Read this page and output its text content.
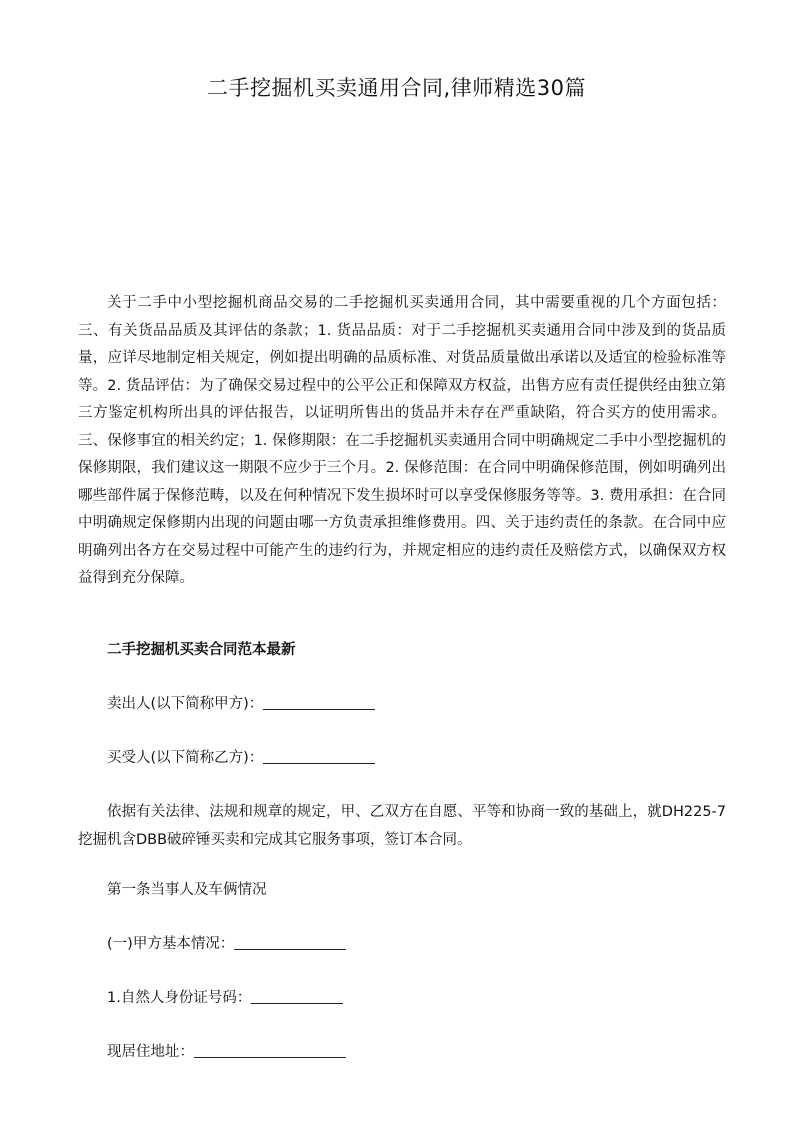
二手挖掘机买卖通用合同,律师精选30篇

关于二手中小型挖掘机商品交易的二手挖掘机买卖通用合同，其中需要重视的几个方面包括：三、有关货品品质及其评估的条款；1. 货品品质：对于二手挖掘机买卖通用合同中涉及到的货品质量，应详尽地制定相关规定，例如提出明确的品质标准、对货品质量做出承诺以及适宜的检验标准等等。2. 货品评估：为了确保交易过程中的公平公正和保障双方权益，出售方应有责任提供经由独立第三方鉴定机构所出具的评估报告，以证明所售出的货品并未存在严重缺陷，符合买方的使用需求。三、保修事宜的相关约定；1. 保修期限：在二手挖掘机买卖通用合同中明确规定二手中小型挖掘机的保修期限，我们建议这一期限不应少于三个月。2. 保修范围：在合同中明确保修范围，例如明确列出哪些部件属于保修范畴，以及在何种情况下发生损坏时可以享受保修服务等等。3. 费用承担：在合同中明确规定保修期内出现的问题由哪一方负责承担维修费用。四、关于违约责任的条款。在合同中应明确列出各方在交易过程中可能产生的违约行为，并规定相应的违约责任及赔偿方式，以确保双方权益得到充分保障。

二手挖掘机买卖合同范本最新

卖出人(以下简称甲方)：

买受人(以下简称乙方)：

依据有关法律、法规和规章的规定，甲、乙双方在自愿、平等和协商一致的基础上，就DH225-7挖掘机含DBB破碎锤买卖和完成其它服务事项，签订本合同。

第一条当事人及车俩情况

(一)甲方基本情况：

1.自然人身份证号码：

现居住地址：
